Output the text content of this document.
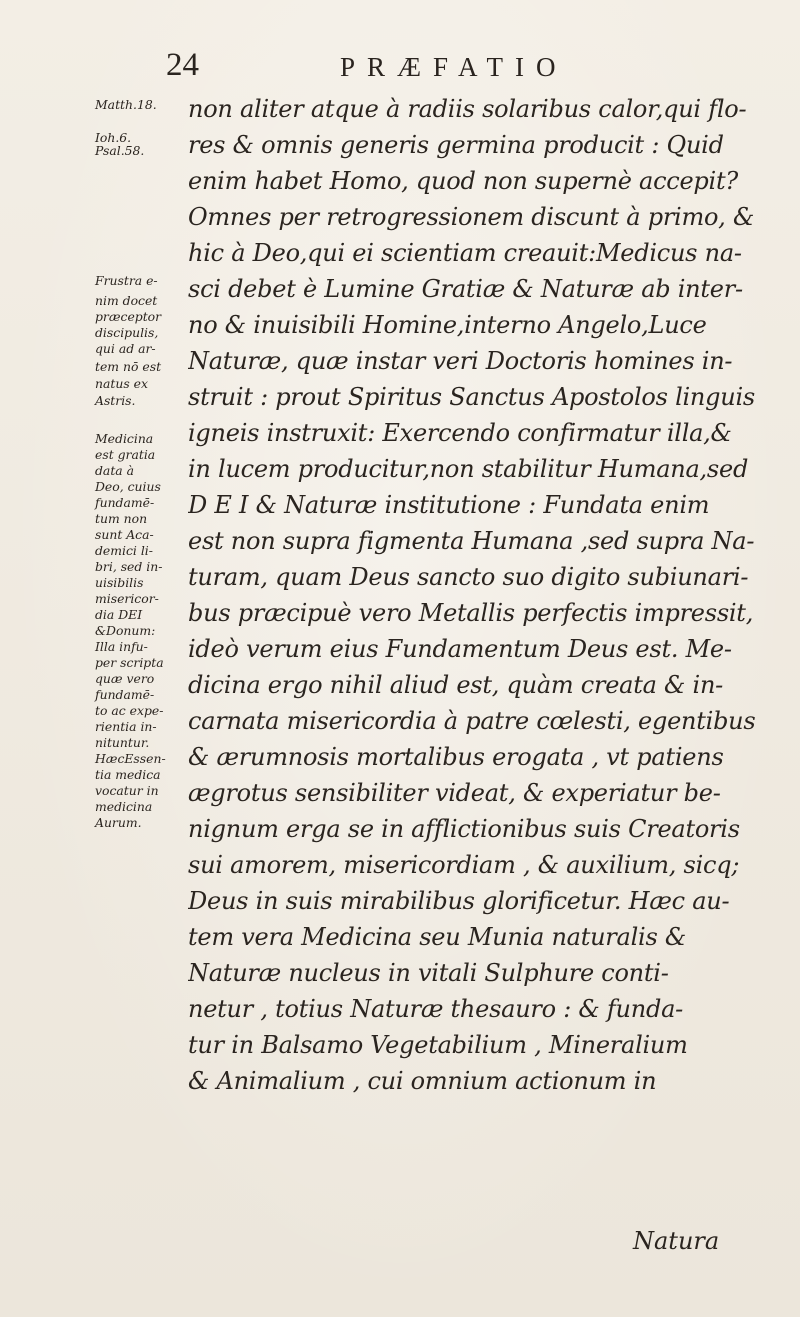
24	PRÆFATIO
Matth.18.
Ioh.6.
Psal.58.
Frustra e-
nim docet
præceptor
discipulis,
qui ad ar-
tem nō est
natus ex
Astris.
Medicina
est gratia
data à
Deo, cuius
fundamē-
tum non
sunt Aca-
demici li-
bri, sed in-
uisibilis
misericor-
dia DEI
&Donum:
Illa infu-
per scripta
quæ vero
fundamē-
to ac expe-
rientia in-
nituntur.
HæcEssen-
tia medica
vocatur in
medicina
Aurum.
non aliter atque à radiis solaribus calor,qui flo-
res & omnis generis germina producit : Quid
enim habet Homo, quod non supernè accepit?
Omnes per retrogressionem discunt à primo, &
hic à Deo,qui ei scientiam creauit:Medicus na-
sci debet è Lumine Gratiæ & Naturæ ab inter-
no & inuisibili Homine,interno Angelo,Luce
Naturæ, quæ instar veri Doctoris homines in-
struit : prout Spiritus Sanctus Apostolos linguis
igneis instruxit: Exercendo confirmatur illa,&
in lucem producitur,non stabilitur Humana,sed
D E I & Naturæ institutione : Fundata enim
est non supra figmenta Humana ,sed supra Na-
turam, quam Deus sancto suo digito subiunari-
bus præcipuè vero Metallis perfectis impressit,
ideò verum eius Fundamentum Deus est. Me-
dicina ergo nihil aliud est, quàm creata & in-
carnata misericordia à patre cœlesti, egentibus
& ærumnosis mortalibus erogata , vt patiens
ægrotus sensibiliter videat, & experiatur be-
nignum erga se in afflictionibus suis Creatoris
sui amorem, misericordiam , & auxilium, sicq;
Deus in suis mirabilibus glorificetur. Hæc au-
tem vera Medicina seu Munia naturalis &
Naturæ nucleus in vitali Sulphure conti-
netur , totius Naturæ thesauro : & funda-
tur in Balsamo Vegetabilium , Mineralium
& Animalium , cui omnium actionum in
Natura
